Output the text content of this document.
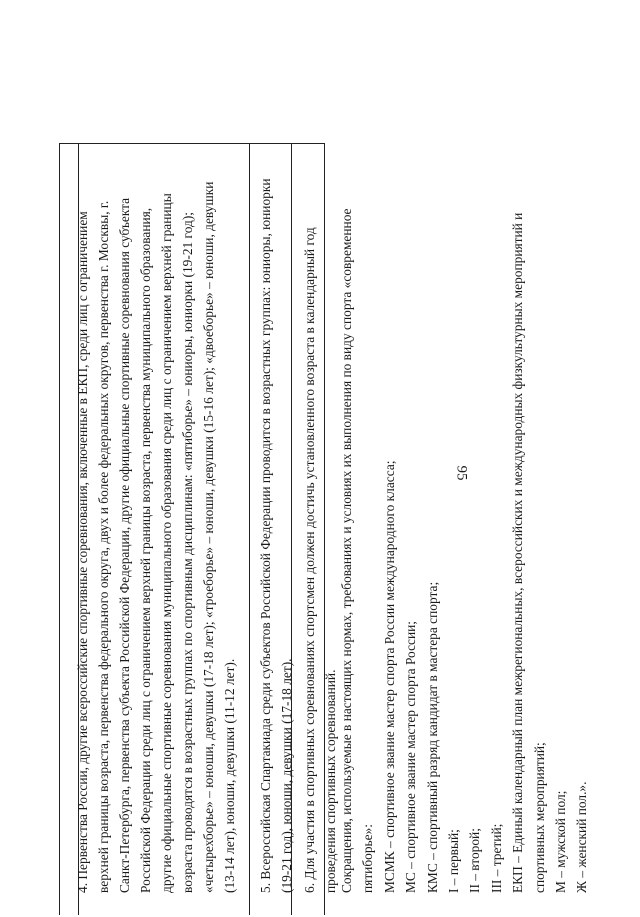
95

4. Первенства России, другие всероссийские спортивные соревнования, включенные в ЕКП, среди лиц с ограничением верхней границы возраста, первенства федерального округа, двух и более федеральных округов, первенства г. Москвы, г. Санкт-Петербурга, первенства субъекта Российской Федерации, другие официальные спортивные соревнования субъекта Российской Федерации среди лиц с ограничением верхней границы возраста, первенства муниципального образования, другие официальные спортивные соревнования муниципального образования среди лиц с ограничением верхней границы возраста проводятся в возрастных группах по спортивным дисциплинам: «пятиборье» – юниоры, юниорки (19-21 год); «четырехборье» – юноши, девушки (17-18 лет); «троеборье» – юноши, девушки (15-16 лет); «двоеборье» – юноши, девушки (13-14 лет), юноши, девушки (11-12 лет). 5. Всероссийская Спартакиада среди субъектов Российской Федерации проводится в возрастных группах: юниоры, юниорки (19-21 год), юноши, девушки (17-18 лет). 6. Для участия в спортивных соревнованиях спортсмен должен достичь установленного возраста в календарный год проведения спортивных соревнований. Сокращения, используемые в настоящих нормах, требованиях и условиях их выполнения по виду спорта «современное пятиборье»: МСМК – спортивное звание мастер спорта России международного класса; МС – спортивное звание мастер спорта России; КМС – спортивный разряд кандидат в мастера спорта; I – первый; II – второй; III – третий; ЕКП – Единый календарный план межрегиональных, всероссийских и международных физкультурных мероприятий и спортивных мероприятий; М – мужской пол; Ж – женский пол.».
